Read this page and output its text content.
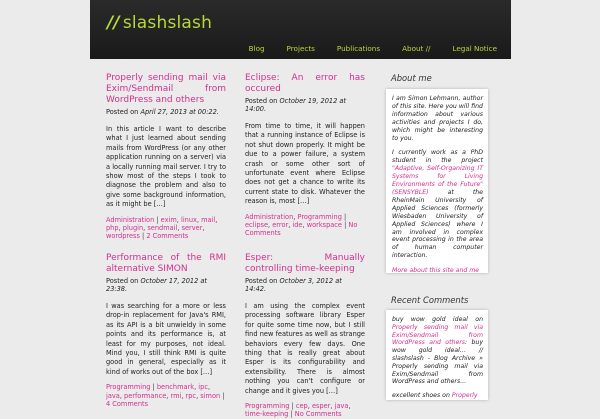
// slashslash
Blog	Projects	Publications	About //	Legal Notice
Properly sending mail via Exim/Sendmail from WordPress and others
Posted on April 27, 2013 at 00:22.
In this article I want to describe what I just learned about sending mails from WordPress (or any other application running on a server) via a locally running mail server. I try to show most of the steps I took to diagnose the problem and also to give some background information, as it might be […]
Administration | exim, linux, mail, php, plugin, sendmail, server, wordpress | 2 Comments
Eclipse: An error has occured
Posted on October 19, 2012 at 14:00.
From time to time, it will happen that a running instance of Eclipse is not shut down properly. It might be due to a power failure, a system crash or some other sort of unfortunate event where Eclipse does not get a chance to write its current state to disk. Whatever the reason is, most […]
Administration, Programming | eclipse, error, ide, workspace | No Comments
Performance of the RMI alternative SIMON
Posted on October 17, 2012 at 23:38.
I was searching for a more or less drop-in replacement for Java's RMI, as its API is a bit unwieldy in some points and its performance is, at least for my purposes, not ideal. Mind you, I still think RMI is quite good in general, especially as it kind of works out of the box […]
Programming | benchmark, ipc, java, performance, rmi, rpc, simon | 4 Comments
Esper: Manually controlling time-keeping
Posted on October 3, 2012 at 14:42.
I am using the complex event processing software library Esper for quite some time now, but I still find new features as well as strange behaviors every few days. One thing that is really great about Esper is its configurability and extensibility. There is almost nothing you can't configure or change and it gives you […]
Programming | cep, esper, java, time-keeping | No Comments
About me

I am Simon Lehmann, author of this site. Here you will find information about various activities and projects I do, which might be interesting to you.

I currently work as a PhD student in the project "Adaptive, Self-Organizing IT Systems for Living Environments of the Future" (SENSYBLE) at the RheinMain University of Applied Sciences (formerly Wiesbaden University of Applied Sciences) where I am involved in complex event processing in the area of human computer interaction.

More about this site and me
Recent Comments

buy wow gold ideal on Properly sending mail via Exim/Sendmail from WordPress and others: buy wow gold ideal… // slashslash - Blog Archive » Properly sending mail via Exim/Sendmail from WordPress and others…

excellent shoes on Properly
